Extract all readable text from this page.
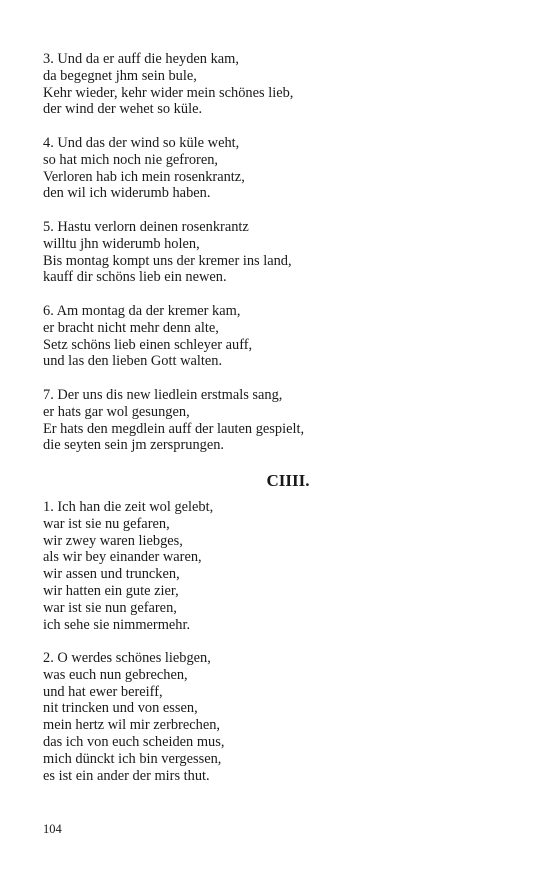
3. Und da er auff die heyden kam,
da begegnet jhm sein bule,
Kehr wieder, kehr wider mein schönes lieb,
der wind der wehet so küle.
4. Und das der wind so küle weht,
so hat mich noch nie gefroren,
Verloren hab ich mein rosenkrantz,
den wil ich widerumb haben.
5. Hastu verlorn deinen rosenkrantz
willtu jhn widerumb holen,
Bis montag kompt uns der kremer ins land,
kauff dir schöns lieb ein newen.
6. Am montag da der kremer kam,
er bracht nicht mehr denn alte,
Setz schöns lieb einen schleyer auff,
und las den lieben Gott walten.
7. Der uns dis new liedlein erstmals sang,
er hats gar wol gesungen,
Er hats den megdlein auff der lauten gespielt,
die seyten sein jm zersprungen.
CIIII.
1. Ich han die zeit wol gelebt,
war ist sie nu gefaren,
wir zwey waren liebges,
als wir bey einander waren,
wir assen und truncken,
wir hatten ein gute zier,
war ist sie nun gefaren,
ich sehe sie nimmermehr.
2. O werdes schönes liebgen,
was euch nun gebrechen,
und hat ewer bereiff,
nit trincken und von essen,
mein hertz wil mir zerbrechen,
das ich von euch scheiden mus,
mich dünckt ich bin vergessen,
es ist ein ander der mirs thut.
104
